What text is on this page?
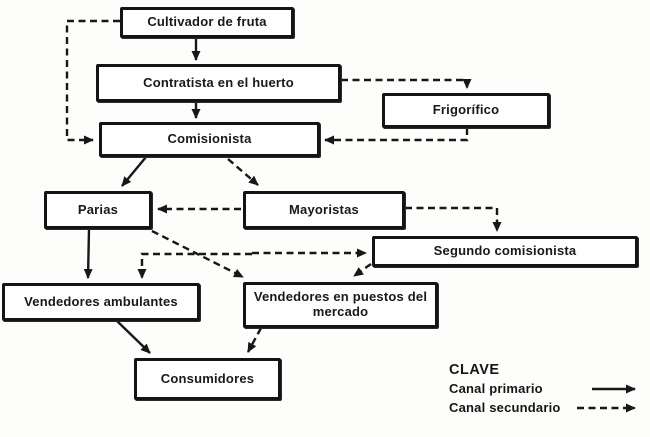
Cultivador de fruta
Contratista en el huerto
Frigorífico
Comisionista
Parias	Mayoristas
Segundo comisionista
Vendedores ambulantes	Vendedores en puestos del mercado
Consumidores
CLAVE
Canal primario
Canal secundario
